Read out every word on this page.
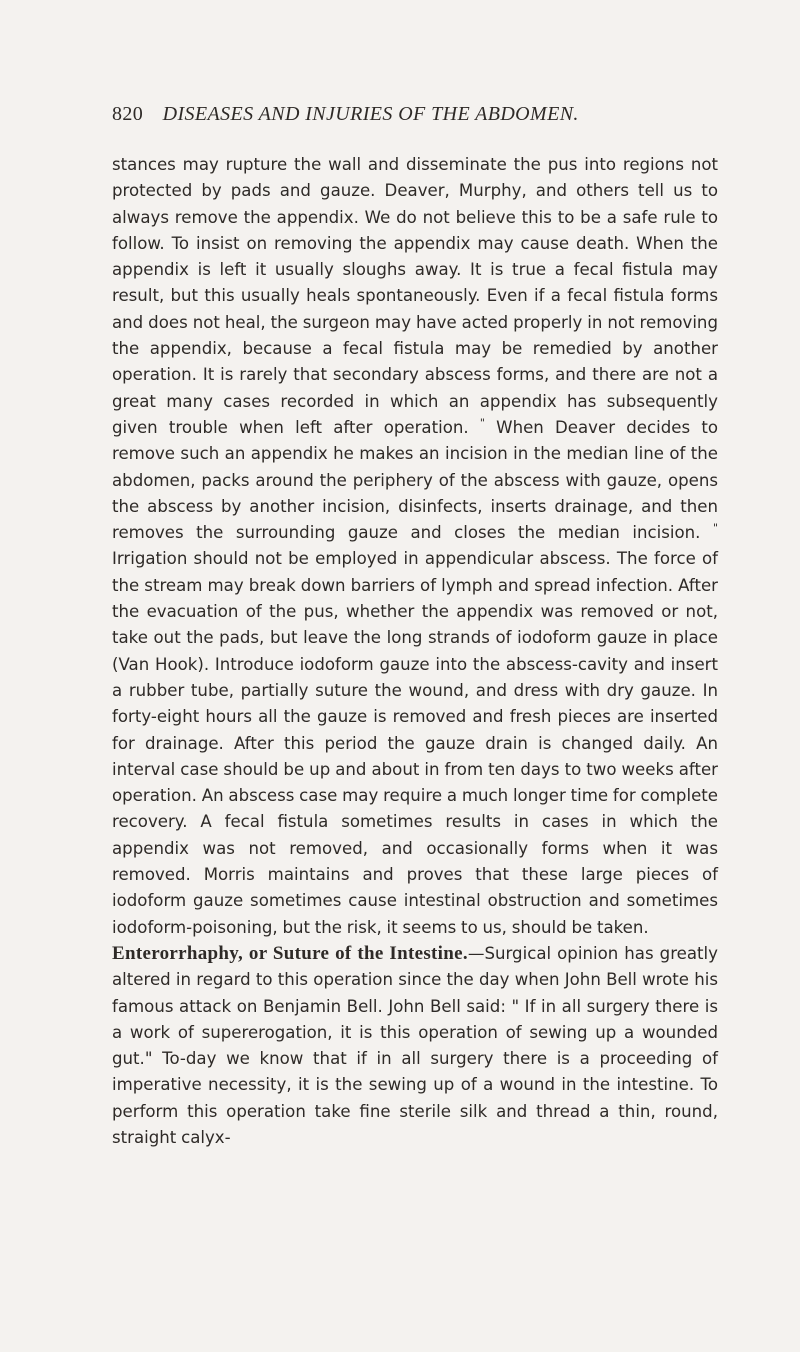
820 DISEASES AND INJURIES OF THE ABDOMEN.

stances may rupture the wall and disseminate the pus into regions not protected by pads and gauze. Deaver, Murphy, and others tell us to always remove the appendix. We do not believe this to be a safe rule to follow. To insist on removing the appendix may cause death. When the appendix is left it usually sloughs away. It is true a fecal fistula may result, but this usually heals spontaneously. Even if a fecal fistula forms and does not heal, the surgeon may have acted properly in not removing the appendix, because a fecal fistula may be remedied by another operation. It is rarely that secondary abscess forms, and there are not a great many cases recorded in which an appendix has subsequently given trouble when left after operation. " When Deaver decides to remove such an appendix he makes an incision in the median line of the abdomen, packs around the periphery of the abscess with gauze, opens the abscess by another incision, disinfects, inserts drainage, and then removes the surrounding gauze and closes the median incision. " Irrigation should not be employed in appendicular abscess. The force of the stream may break down barriers of lymph and spread infection. After the evacuation of the pus, whether the appendix was removed or not, take out the pads, but leave the long strands of iodoform gauze in place (Van Hook). Introduce iodoform gauze into the abscess-cavity and insert a rubber tube, partially suture the wound, and dress with dry gauze. In forty-eight hours all the gauze is removed and fresh pieces are inserted for drainage. After this period the gauze drain is changed daily. An interval case should be up and about in from ten days to two weeks after operation. An abscess case may require a much longer time for complete recovery. A fecal fistula sometimes results in cases in which the appendix was not removed, and occasionally forms when it was removed. Morris maintains and proves that these large pieces of iodoform gauze sometimes cause intestinal obstruction and sometimes iodoform-poisoning, but the risk, it seems to us, should be taken.

Enterorrhaphy, or Suture of the Intestine.—Surgical opinion has greatly altered in regard to this operation since the day when John Bell wrote his famous attack on Benjamin Bell. John Bell said: " If in all surgery there is a work of supererogation, it is this operation of sewing up a wounded gut." To-day we know that if in all surgery there is a proceeding of imperative necessity, it is the sewing up of a wound in the intestine. To perform this operation take fine sterile silk and thread a thin, round, straight calyx-
